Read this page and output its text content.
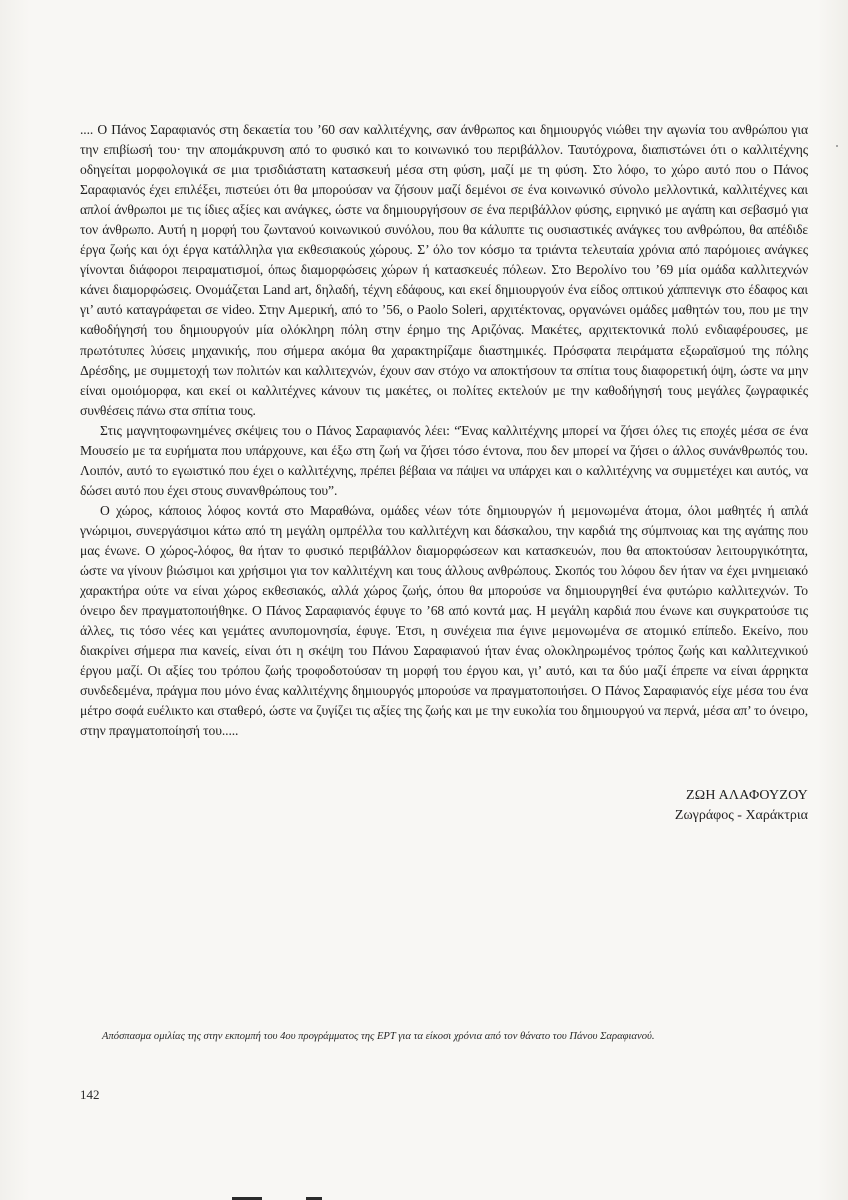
.... Ο Πάνος Σαραφιανός στη δεκαετία του ’60 σαν καλλιτέχνης, σαν άνθρωπος και δημιουργός νιώθει την αγωνία του ανθρώπου για την επιβίωσή του· την απομάκρυνση από το φυσικό και το κοινωνικό του περιβάλλον. Ταυτόχρονα, διαπιστώνει ότι ο καλλιτέχνης οδηγείται μορφολογικά σε μια τρισδιάστατη κατασκευή μέσα στη φύση, μαζί με τη φύση. Στο λόφο, το χώρο αυτό που ο Πάνος Σαραφιανός έχει επιλέξει, πιστεύει ότι θα μπορούσαν να ζήσουν μαζί δεμένοι σε ένα κοινωνικό σύνολο μελλοντικά, καλλιτέχνες και απλοί άνθρωποι με τις ίδιες αξίες και ανάγκες, ώστε να δημιουργήσουν σε ένα περιβάλλον φύσης, ειρηνικό με αγάπη και σεβασμό για τον άνθρωπο. Αυτή η μορφή του ζωντανού κοινωνικού συνόλου, που θα κάλυπτε τις ουσιαστικές ανάγκες του ανθρώπου, θα απέδιδε έργα ζωής και όχι έργα κατάλληλα για εκθεσιακούς χώρους. Σ’ όλο τον κόσμο τα τριάντα τελευταία χρόνια από παρόμοιες ανάγκες γίνονται διάφοροι πειραματισμοί, όπως διαμορφώσεις χώρων ή κατασκευές πόλεων. Στο Βερολίνο του ’69 μία ομάδα καλλιτεχνών κάνει διαμορφώσεις. Ονομάζεται Land art, δηλαδή, τέχνη εδάφους, και εκεί δημιουργούν ένα είδος οπτικού χάππενιγκ στο έδαφος και γι’ αυτό καταγράφεται σε video. Στην Αμερική, από το ’56, ο Paolo Soleri, αρχιτέκτονας, οργανώνει ομάδες μαθητών του, που με την καθοδήγησή του δημιουργούν μία ολόκληρη πόλη στην έρημο της Αριζόνας. Μακέτες, αρχιτεκτονικά πολύ ενδιαφέρουσες, με πρωτότυπες λύσεις μηχανικής, που σήμερα ακόμα θα χαρακτηρίζαμε διαστημικές. Πρόσφατα πειράματα εξωραϊσμού της πόλης Δρέσδης, με συμμετοχή των πολιτών και καλλιτεχνών, έχουν σαν στόχο να αποκτήσουν τα σπίτια τους διαφορετική όψη, ώστε να μην είναι ομοιόμορφα, και εκεί οι καλλιτέχνες κάνουν τις μακέτες, οι πολίτες εκτελούν με την καθοδήγησή τους μεγάλες ζωγραφικές συνθέσεις πάνω στα σπίτια τους.

Στις μαγνητοφωνημένες σκέψεις του ο Πάνος Σαραφιανός λέει: “Ένας καλλιτέχνης μπορεί να ζήσει όλες τις εποχές μέσα σε ένα Μουσείο με τα ευρήματα που υπάρχουνε, και έξω στη ζωή να ζήσει τόσο έντονα, που δεν μπορεί να ζήσει ο άλλος συνάνθρωπός του. Λοιπόν, αυτό το εγωιστικό που έχει ο καλλιτέχνης, πρέπει βέβαια να πάψει να υπάρχει και ο καλλιτέχνης να συμμετέχει και αυτός, να δώσει αυτό που έχει στους συνανθρώπους του”.

Ο χώρος, κάποιος λόφος κοντά στο Μαραθώνα, ομάδες νέων τότε δημιουργών ή μεμονωμένα άτομα, όλοι μαθητές ή απλά γνώριμοι, συνεργάσιμοι κάτω από τη μεγάλη ομπρέλλα του καλλιτέχνη και δάσκαλου, την καρδιά της σύμπνοιας και της αγάπης που μας ένωνε. Ο χώρος-λόφος, θα ήταν το φυσικό περιβάλλον διαμορφώσεων και κατασκευών, που θα αποκτούσαν λειτουργικότητα, ώστε να γίνουν βιώσιμοι και χρήσιμοι για τον καλλιτέχνη και τους άλλους ανθρώπους. Σκοπός του λόφου δεν ήταν να έχει μνημειακό χαρακτήρα ούτε να είναι χώρος εκθεσιακός, αλλά χώρος ζωής, όπου θα μπορούσε να δημιουργηθεί ένα φυτώριο καλλιτεχνών. Το όνειρο δεν πραγματοποιήθηκε. Ο Πάνος Σαραφιανός έφυγε το ’68 από κοντά μας. Η μεγάλη καρδιά που ένωνε και συγκρατούσε τις άλλες, τις τόσο νέες και γεμάτες ανυπομονησία, έφυγε. Έτσι, η συνέχεια πια έγινε μεμονωμένα σε ατομικό επίπεδο. Εκείνο, που διακρίνει σήμερα πια κανείς, είναι ότι η σκέψη του Πάνου Σαραφιανού ήταν ένας ολοκληρωμένος τρόπος ζωής και καλλιτεχνικού έργου μαζί. Οι αξίες του τρόπου ζωής τροφοδοτούσαν τη μορφή του έργου και, γι’ αυτό, και τα δύο μαζί έπρεπε να είναι άρρηκτα συνδεδεμένα, πράγμα που μόνο ένας καλλιτέχνης δημιουργός μπορούσε να πραγματοποιήσει. Ο Πάνος Σαραφιανός είχε μέσα του ένα μέτρο σοφά ευέλικτο και σταθερό, ώστε να ζυγίζει τις αξίες της ζωής και με την ευκολία του δημιουργού να περνά, μέσα απ’ το όνειρο, στην πραγματοποίησή του.....

ΖΩΗ ΑΛΑΦΟΥΖΟΥ
Ζωγράφος - Χαράκτρια
Απόσπασμα ομιλίας της στην εκπομπή του 4ου προγράμματος της ΕΡΤ για τα είκοσι χρόνια από τον θάνατο του Πάνου Σαραφιανού.
142
